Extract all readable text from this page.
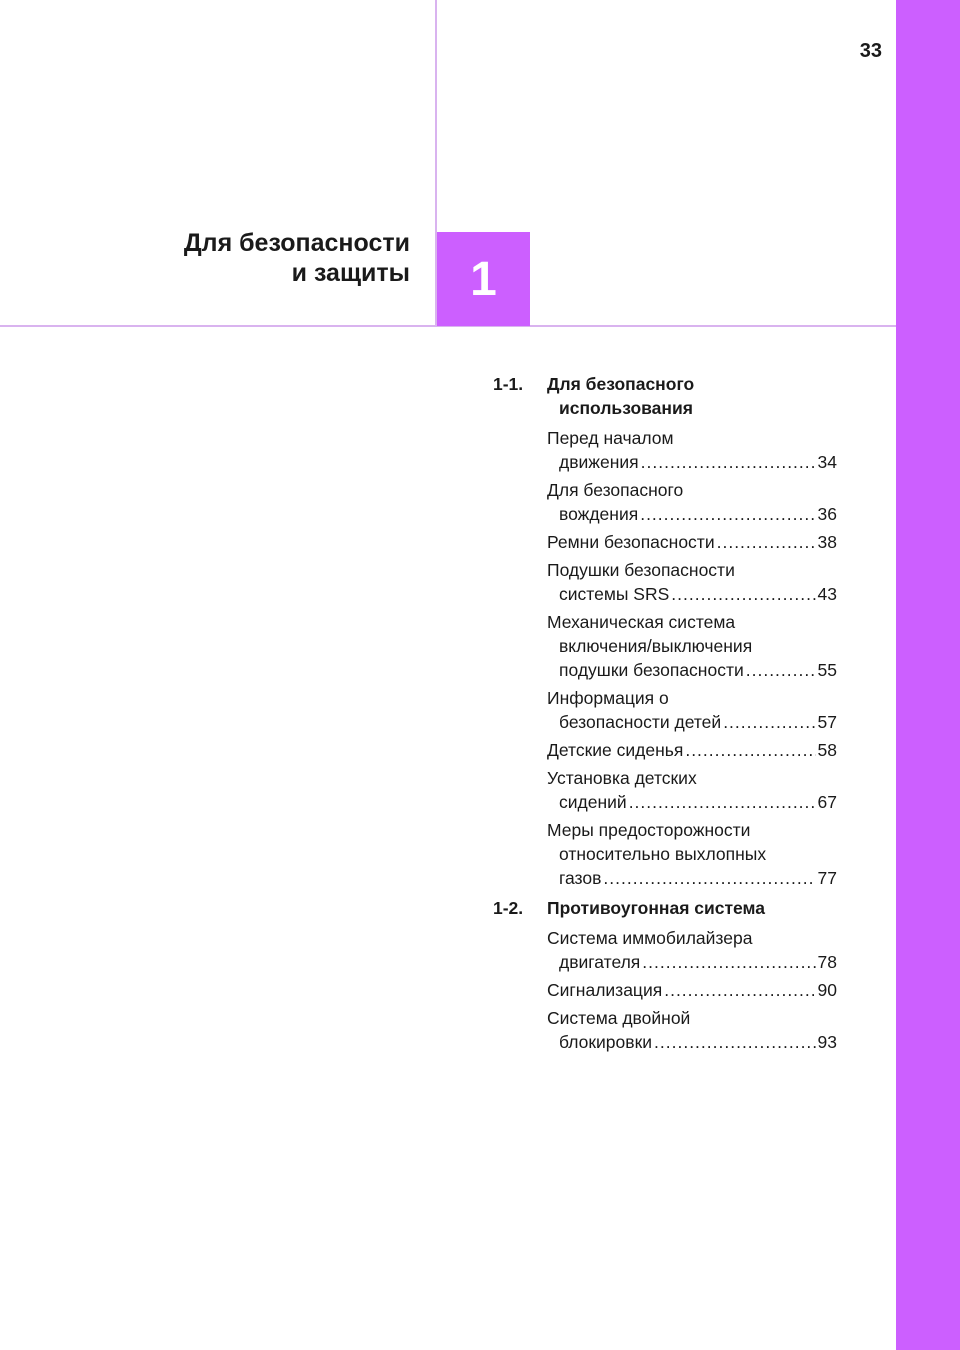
33
Для безопасности
и защиты 1
1-1. Для безопасного
использования
Перед началом
движения .....	34
Для безопасного
вождения .....	36
Ремни безопасности .....	38
Подушки безопасности
системы SRS .....	43
Механическая система
включения/выключения
подушки безопасности .....	55
Информация о
безопасности детей .....	57
Детские сиденья .....	58
Установка детских
сидений .....	67
Меры предосторожности
относительно выхлопных
газов .....	77
1-2. Противоугонная система
Система иммобилайзера
двигателя .....	78
Сигнализация .....	90
Система двойной
блокировки .....	93
